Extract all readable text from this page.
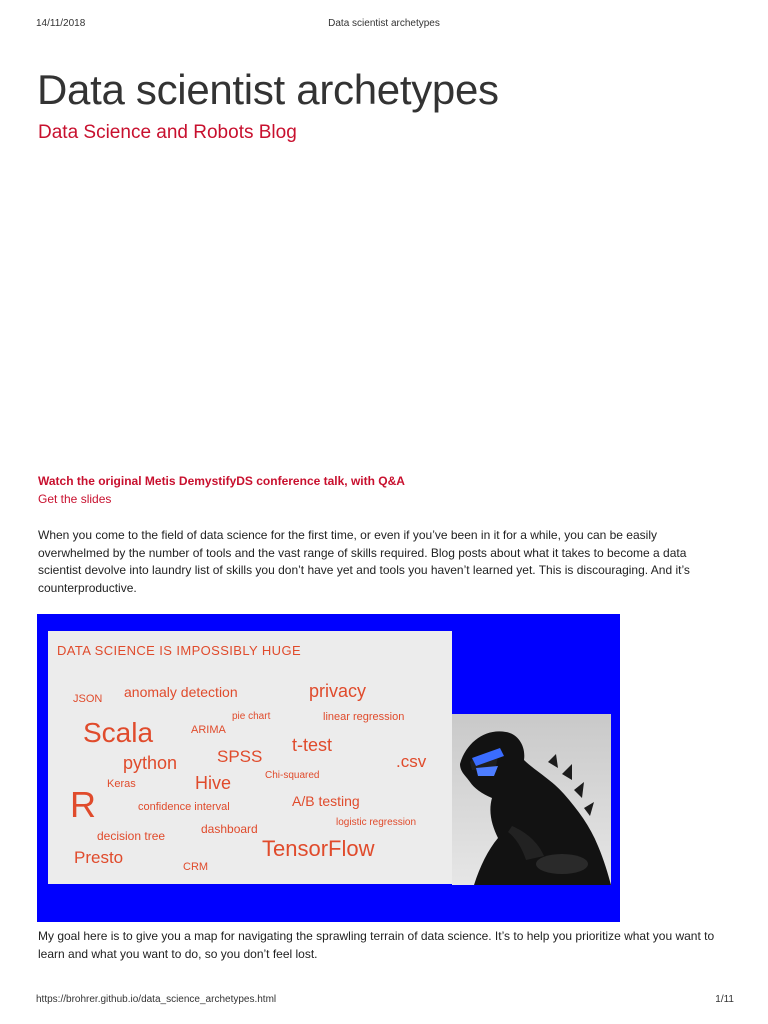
14/11/2018	Data scientist archetypes
Data scientist archetypes
Data Science and Robots Blog
Watch the original Metis DemystifyDS conference talk, with Q&A
Get the slides

When you come to the field of data science for the first time, or even if you’ve been in it for a while, you can be easily overwhelmed by the number of tools and the vast range of skills required. Blog posts about what it takes to become a data scientist devolve into laundry list of skills you don’t have yet and tools you haven’t learned yet. This is discouraging. And it’s counterproductive.

DATA SCIENCE IS IMPOSSIBLY HUGE
JSON anomaly detection	privacy
pie chart	linear regression
Scala	ARIMA
t-test
SPSS
python	.csv
Keras	Hive	Chi-squared
R	A/B testing
confidence interval
logistic regression
decision tree	dashboard
TensorFlow
Presto	CRM

My goal here is to give you a map for navigating the sprawling terrain of data science. It’s to help you prioritize what you want to learn and what you want to do, so you don’t feel lost.

https://brohrer.github.io/data_science_archetypes.html	1/11
